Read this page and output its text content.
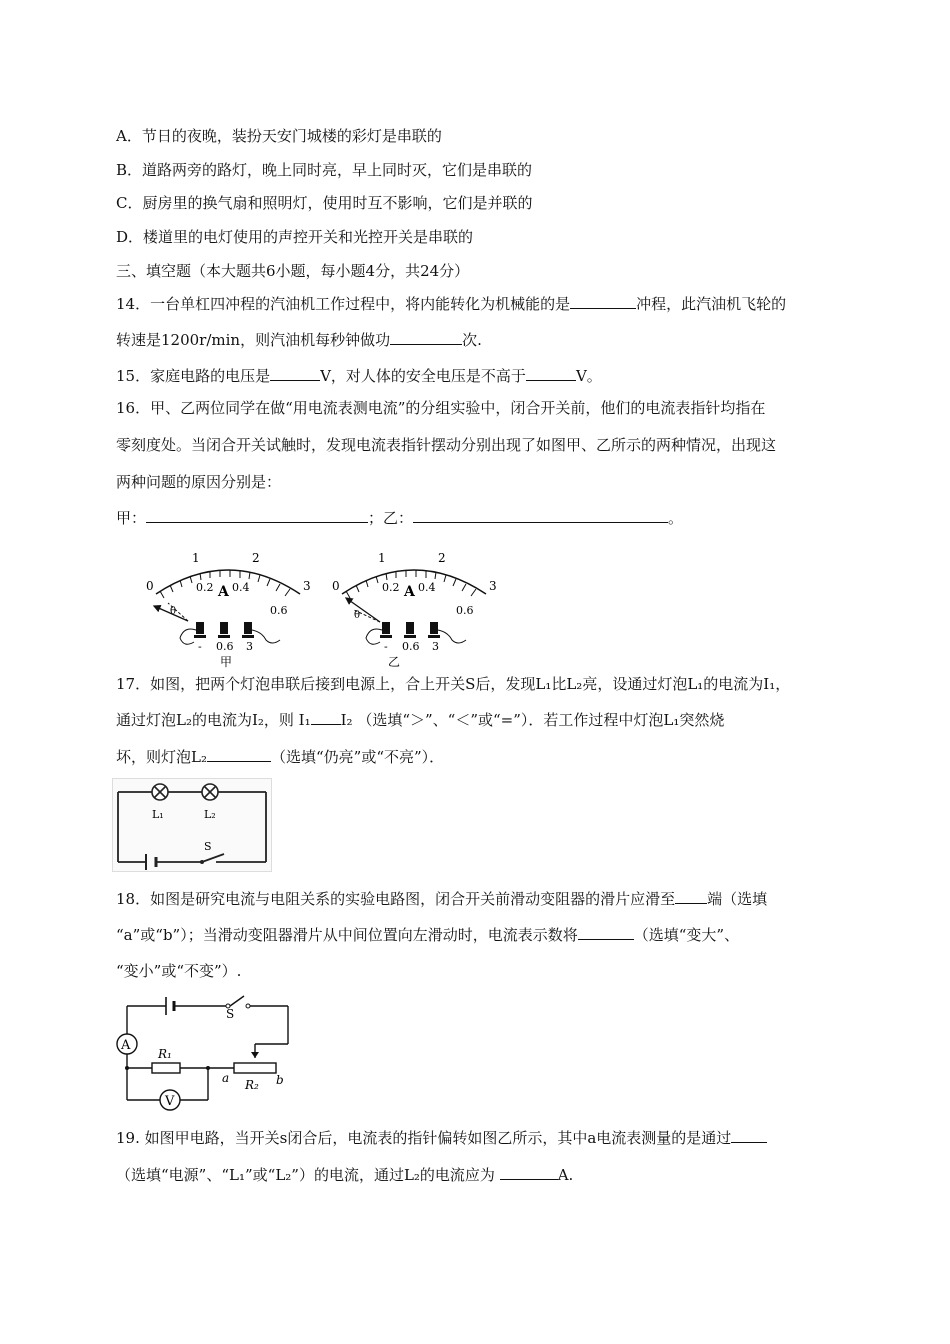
A．节日的夜晚，装扮天安门城楼的彩灯是串联的
B．道路两旁的路灯，晚上同时亮，早上同时灭，它们是串联的
C．厨房里的换气扇和照明灯，使用时互不影响，它们是并联的
D．楼道里的电灯使用的声控开关和光控开关是串联的
三、填空题（本大题共6小题，每小题4分，共24分）
14．一台单杠四冲程的汽油机工作过程中，将内能转化为机械能的是	冲程，此汽油机飞轮的
转速是1200r/min，则汽油机每秒钟做功	次.
15．家庭电路的电压是	V，对人体的安全电压是不高于	V。
16．甲、乙两位同学在做“用电流表测电流”的分组实验中，闭合开关前，他们的电流表指针均指在
零刻度处。当闭合开关试触时，发现电流表指针摆动分别出现了如图甲、乙所示的两种情况，出现这
两种问题的原因分别是：
甲：	；乙：	。
0
1	2
3
0.2 0.4
0.6
A
θ
- 0.6 3
甲
0
1	2
3
0.2 0.4
0.6
A
θ
- 0.6 3
乙
17．如图，把两个灯泡串联后接到电源上，合上开关S后，发现L₁比L₂亮，设通过灯泡L₁的电流为I₁，
通过灯泡L₂的电流为I₂，则 I₁ I₂ （选填“＞”、“＜”或“=”）．若工作过程中灯泡L₁突然烧
坏，则灯泡L₂	（选填“仍亮”或“不亮”）．
L₁	L₂
S
18．如图是研究电流与电阻关系的实验电路图，闭合开关前滑动变阻器的滑片应滑至 端（选填
“a”或“b”）；当滑动变阻器滑片从中间位置向左滑动时，电流表示数将	（选填“变大”、
“变小”或“不变”）.
A
V
S
R₁
R₂
a	b
19. 如图甲电路，当开关s闭合后，电流表的指针偏转如图乙所示，其中a电流表测量的是通过
（选填“电源”、“L₁”或“L₂”）的电流，通过L₂的电流应为	A.
